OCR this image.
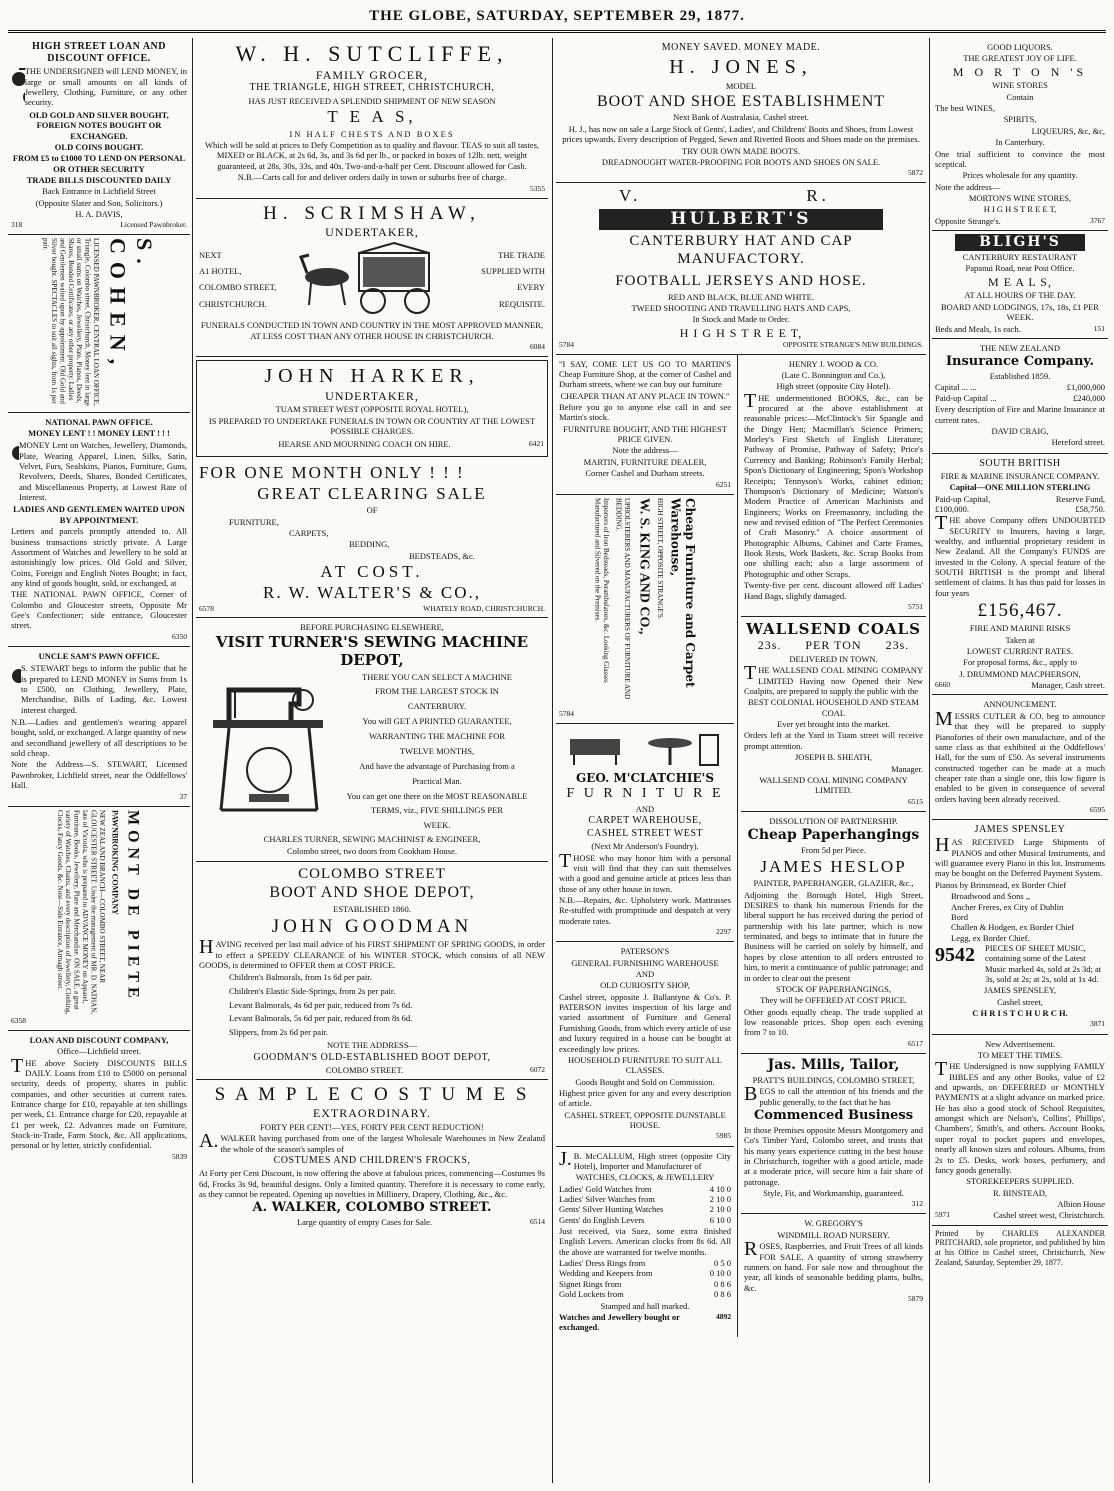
THE GLOBE, SATURDAY, SEPTEMBER 29, 1877.
HIGH STREET LOAN AND DISCOUNT OFFICE.

THE UNDERSIGNED will LEND MONEY, in large or small amounts on all kinds of Jewellery, Clothing, Furniture, or any other security.

OLD GOLD AND SILVER BOUGHT, FOREIGN NOTES BOUGHT OR EXCHANGED.

OLD COINS BOUGHT.

FROM £5 to £1000 TO LEND ON PERSONAL OR OTHER SECURITY

TRADE BILLS DISCOUNTED DAILY

Back Entrance in Lichfield Street

(Opposite Slater and Son, Solicitors.)

H. A. DAVIS,

318	Licensed Pawnbroker.
LICENSED PAWNBROKER, CENTRAL LOAN OFFICE, Triangle, Colombo street, Christchurch. Money lent in large or small sums on Watches, Jewellery, Plate, Pianos, Deeds, Shares, Bonded Certificates, or any other property. Ladies and Gentlemen waited upon by appointment. Old Gold and Silver bought. SPECTACLES to suit all sights, from 1s per pair.	S. COHEN,

NATIONAL PAWN OFFICE.

MONEY LENT ! ! MONEY LENT ! ! !

MONEY Lent on Watches, Jewellery, Diamonds, Plate, Wearing Apparel, Linen, Silks, Satin, Velvet, Furs, Sealskins, Pianos, Furniture, Guns, Revolvers, Deeds, Shares, Bonded Certificates, and Miscellaneous Property, at Lowest Rate of Interest.

LADIES AND GENTLEMEN WAITED UPON BY APPOINTMENT.

Letters and parcels promptly attended to. All business transactions strictly private. A Large Assortment of Watches and Jewellery to be sold at astonishingly low prices. Old Gold and Silver, Coins, Foreign and English Notes Bought; in fact, any kind of goods bought, sold, or exchanged, at

THE NATIONAL PAWN OFFICE, Corner of Colombo and Gloucester streets, Opposite Mr Gee's Confectioner; side entrance, Gloucester street.

6350

UNCLE SAM'S PAWN OFFICE.

S. STEWART begs to inform the public that he is prepared to LEND MONEY in Sums from 1s to £500, on Clothing, Jewellery, Plate, Merchandise, Bills of Lading, &c. Lowest interest charged.

N.B.—Ladies and gentlemen's wearing apparel bought, sold, or exchanged. A large quantity of new and secondhand jewellery of all descriptions to be sold cheap.

Note the Address—S. STEWART, Licensed Pawnbroker, Lichfield street, near the Oddfellows' Hall.

37

NEW ZEALAND BRANCH—COLOMBO STREET, NEAR GLOUCESTER STREET. Under the management of MR. D. NATHAN, late of Victoria, who is prepared to ADVANCE MONEY on Apparel, Furniture, Books, Jewellery, Plate and Merchandise. ON SALE, a great variety of Watches, Chains, and every description of Jewellery, Clothing, Clocks, Fancy Goods, &c. Note—Side Entrance, Armagh street.	PAWNBROKING COMPANY MONT DE PIETE

6358

LOAN AND DISCOUNT COMPANY,

Office—Lichfield street.

THE above Society DISCOUNTS BILLS DAILY. Loans from £10 to £5000 on personal security, deeds of property, shares in public companies, and other securities at current rates. Entrance charge for £10, repayable at ten shillings per week, £1. Entrance charge for £20, repayable at £1 per week, £2. Advances made on Furniture, Stock-in-Trade, Farm Stock, &c. All applications, personal or by letter, strictly confidential.

5839

W. H. SUTCLIFFE,
FAMILY GROCER,
THE TRIANGLE, HIGH STREET, CHRISTCHURCH,

HAS JUST RECEIVED A SPLENDID SHIPMENT OF NEW SEASON

T E A S,

IN HALF CHESTS AND BOXES

Which will be sold at prices to Defy Competition as to quality and flavour. TEAS to suit all tastes, MIXED or BLACK, at 2s 6d, 3s, and 3s 6d per lb., or packed in boxes of 12lb. nett, weight guaranteed, at 28s, 30s, 33s, and 40s. Two-and-a-half per Cent. Discount allowed for Cash.

N.B.—Carts call for and deliver orders daily in town or suburbs free of charge.

5355

H. SCRIMSHAW,
UNDERTAKER,
NEXT
A1 HOTEL,
COLOMBO STREET,
CHRISTCHURCH.
THE TRADE
SUPPLIED WITH
EVERY
REQUISITE.

FUNERALS CONDUCTED IN TOWN AND COUNTRY IN THE MOST APPROVED MANNER, AT LESS COST THAN ANY OTHER HOUSE IN CHRISTCHURCH.

6084

JOHN HARKER,
UNDERTAKER,

TUAM STREET WEST (OPPOSITE ROYAL HOTEL),

IS PREPARED TO UNDERTAKE FUNERALS IN TOWN OR COUNTRY AT THE LOWEST POSSIBLE CHARGES.

HEARSE AND MOURNING COACH ON HIRE.	6421
FOR ONE MONTH ONLY ! ! !
GREAT CLEARING SALE

OF

FURNITURE,

CARPETS,

BEDDING,

BEDSTEADS, &c.

AT COST.
R. W. WALTER'S & CO.,
6578	WHATELY ROAD, CHRISTCHURCH.

BEFORE PURCHASING ELSEWHERE,

VISIT TURNER'S SEWING MACHINE DEPOT,
THERE YOU CAN SELECT A MACHINE
FROM THE LARGEST STOCK IN
CANTERBURY.
You will GET A PRINTED GUARANTEE,
WARRANTING THE MACHINE FOR
TWELVE MONTHS,
And have the advantage of Purchasing from a
Practical Man.
You can get one there on the MOST REASONABLE
TERMS, viz., FIVE SHILLINGS PER
WEEK.

CHARLES TURNER, SEWING MACHINIST & ENGINEER,

Colombo street, two doors from Cookham House.

COLOMBO STREET
BOOT AND SHOE DEPOT,

ESTABLISHED 1860.

JOHN GOODMAN

HAVING received per last mail advice of his FIRST SHIPMENT OF SPRING GOODS, in order to effect a SPEEDY CLEARANCE of his WINTER STOCK, which consists of all NEW GOODS, is determined to OFFER them at COST PRICE.

Children's Balmorals, from 1s 6d per pair.
Children's Elastic Side-Springs, from 2s per pair.
Levant Balmorals, 4s 6d per pair, reduced from 7s 6d.
Levant Balmorals, 5s 6d per pair, reduced from 8s 6d.
Slippers, from 2s 6d per pair.

NOTE THE ADDRESS—

GOODMAN'S OLD-ESTABLISHED BOOT DEPOT,

COLOMBO STREET.	6072
S A M P L E C O S T U M E S
EXTRAORDINARY.

FORTY PER CENT!—YES, FORTY PER CENT REDUCTION!

A.WALKER having purchased from one of the largest Wholesale Warehouses in New Zealand the whole of the season's samples of

COSTUMES AND CHILDREN'S FROCKS,

At Forty per Cent Discount, is now offering the above at fabulous prices, commencing—Costumes 9s 6d, Frocks 3s 9d, beautiful designs. Only a limited quantity. Therefore it is necessary to come early, as they cannot be repeated. Opening up novelties in Millinery, Drapery, Clothing, &c., &c.

A. WALKER, COLOMBO STREET.

Large quantity of empty Cases for Sale.	6514

MONEY SAVED. MONEY MADE.

H. JONES,

MODEL

BOOT AND SHOE ESTABLISHMENT

Next Bank of Australasia, Cashel street.

H. J., has now on sale a Large Stock of Gents', Ladies', and Childrens' Boots and Shoes, from Lowest prices upwards. Every description of Pegged, Sewn and Rivetted Boots and Shoes made on the premises.

TRY OUR OWN MADE BOOTS.

DREADNOUGHT WATER-PROOFING FOR BOOTS AND SHOES ON SALE.

5872

V.                    R.
HULBERT'S
CANTERBURY HAT AND CAP
MANUFACTORY.
FOOTBALL JERSEYS AND HOSE.

RED AND BLACK, BLUE AND WHITE.

TWEED SHOOTING AND TRAVELLING HATS AND CAPS,

In Stock and Made to Order.

H I G H S T R E E T,
5784	OPPOSITE STRANGE'S NEW BUILDINGS.

"I SAY, COME LET US GO TO MARTIN'S Cheap Furniture Shop, at the corner of Cashel and Durham streets, where we can buy our furniture

CHEAPER THAN AT ANY PLACE IN TOWN."

Before you go to anyone else call in and see Martin's stock.

FURNITURE BOUGHT, AND THE HIGHEST PRICE GIVEN.

Note the address—

MARTIN, FURNITURE DEALER,

Corner Cashel and Durham streets.

6251

Importers of Iron Bedsteads, Perambulators, &c. Looking Glasses Manufactured and Silvered on the Premises.	UPHOLSTERERS AND MANUFACTURERS OF FURNITURE AND BEDDING.	W. S. KING AND CO., HIGH STREET, OPPOSITE STRANGE'S.	Cheap Furniture and Carpet Warehouse,

5784

GEO. M'CLATCHIE'S
F U R N I T U R E

AND

CARPET WAREHOUSE,

CASHEL STREET WEST

(Next Mr Anderson's Foundry).

THOSE who may honor him with a personal visit will find that they can suit themselves with a good and genuine article at prices less than those of any other house in town.

N.B.—Repairs, &c. Upholstery work. Mattrasses Re-stuffed with promptitude and despatch at very moderate rates.

2297

PATERSON'S

GENERAL FURNISHING WAREHOUSE

AND

OLD CURIOSITY SHOP,

Cashel street, opposite J. Ballantyne & Co's. P. PATERSON invites inspection of his large and varied assortment of Furniture and General Furnishing Goods, from which every article of use and luxury required in a house can be bought at exceedingly low prices.

HOUSEHOLD FURNITURE TO SUIT ALL CLASSES.

Goods Bought and Sold on Commission.

Highest price given for any and every description of article.

CASHEL STREET, OPPOSITE DUNSTABLE HOUSE.

5985

J.B. McCALLUM, High street (opposite City Hotel), Importer and Manufacturer of

WATCHES, CLOCKS, & JEWELLERY

Ladies' Gold Watches from	4 10 0
Ladies' Silver Watches from	2 10 0
Gents' Silver Hunting Watches	2 10 0
Gents' do English Levers	6 10 0

Just received, via Suez, some extra finished English Levers. American clocks from 8s 6d. All the above are warranted for twelve months.

Ladies' Dress Rings from	0 5 0
Wedding and Keepers from	0 10 0
Signet Rings from	0 8 6
Gold Lockets from	0 8 6

Stamped and hall marked.

Watches and Jewellery bought or exchanged.
4892

HENRY J. WOOD & CO.

(Late C. Bonnington and Co.),

High street (opposite City Hotel).

THE undermentioned BOOKS, &c., can be procured at the above establishment at reasonable prices:—McClintock's Sir Spangle and the Dingy Hen; Macmillan's Science Primers; Morley's First Sketch of English Literature; Pathway of Promise, Pathway of Safety; Price's Currency and Banking; Robinson's Family Herbal; Spon's Dictionary of Engineering; Spon's Workshop Receipts; Tennyson's Works, cabinet edition; Thompson's Dictionary of Medicine; Watson's Modern Practice of American Machinists and Engineers; Works on Freemasonry, including the new and revised edition of "The Perfect Ceremonies of Craft Masonry." A choice assortment of Photographic Albums, Cabinet and Carte Frames, Book Rests, Work Baskets, &c. Scrap Books from one shilling each; also a large assortment of Photographic and other Scraps.

Twenty-five per cent. discount allowed off Ladies' Hand Bags, slightly damaged.

5751

WALLSEND COALS
23s.      PER TON      23s.

DELIVERED IN TOWN.

THE WALLSEND COAL MINING COMPANY LIMITED Having now Opened their New Coalpits, are prepared to supply the public with the

BEST COLONIAL HOUSEHOLD AND STEAM COAL

Ever yet brought into the market.

Orders left at the Yard in Tuam street will receive prompt attention.

JOSEPH B. SHEATH,

Manager.

WALLSEND COAL MINING COMPANY LIMITED.

6515

DISSOLUTION OF PARTNERSHIP.

Cheap Paperhangings

From 5d per Piece.

JAMES HESLOP

PAINTER, PAPERHANGER, GLAZIER, &c.,

Adjoining the Borough Hotel, High Street, DESIRES to thank his numerous Friends for the liberal support he has received during the period of partnership with his late partner, which is now terminated, and begs to intimate that in future the Business will be carried on solely by himself, and hopes by close attention to all orders entrusted to him, to merit a continuance of public patronage; and in order to clear out the present

STOCK OF PAPERHANGINGS,

They will be OFFERED AT COST PRICE.

Other goods equally cheap. The trade supplied at low reasonable prices. Shop open each evening from 7 to 10.

6517

Jas. Mills, Tailor,

PRATT'S BUILDINGS, COLOMBO STREET,

BEGS to call the attention of his friends and the public generally, to the fact that he has

Commenced Business

In those Premises opposite Messrs Montgomery and Co's Timber Yard, Colombo street, and trusts that his many years experience cutting in the best house in Christchurch, together with a good article, made at a moderate price, will secure him a fair share of patronage.

Style, Fit, and Workmanship, guaranteed.

312

W. GREGORY'S

WINDMILL ROAD NURSERY.

ROSES, Raspberries, and Fruit Trees of all kinds FOR SALE. A quantity of strong strawberry runners on hand. For sale now and throughout the year, all kinds of seasonable bedding plants, bulbs, &c.

5879

GOOD LIQUORS.

THE GREATEST JOY OF LIFE.

M O R T O N 'S

WINE STORES

Contain

The best WINES,

SPIRITS,

LIQUEURS, &c, &c,

In Canterbury.

One trial sufficient to convince the most sceptical.

Prices wholesale for any quantity.

Note the address—

MORTON'S WINE STORES,

H I G H S T R E E T,

Opposite Strange's.	3767
BLIGH'S

CANTERBURY RESTAURANT

Papanui Road, near Post Office.

M E A L S,

AT ALL HOURS OF THE DAY.

BOARD AND LODGINGS, 17s, 18s, £1 PER WEEK.

Beds and Meals, 1s each.	151

THE NEW ZEALAND

Insurance Company.

Established 1859.

Capital ... ...	£1,000,000
Paid-up Capital ...	£240,000

Every description of Fire and Marine Insurance at current rates.

DAVID CRAIG,

Hereford street.

SOUTH BRITISH

FIRE & MARINE INSURANCE COMPANY.

Capital—ONE MILLION STERLING

Paid-up Capital,	Reserve Fund,
£100,000.	£58,750.

THE above Company offers UNDOUBTED SECURITY to Insurers, having a large, wealthy, and influential proprietary resident in New Zealand. All the Company's FUNDS are invested in the Colony. A special feature of the SOUTH BRITISH is the prompt and liberal settlement of claims. It has thus paid for losses in four years

£156,467.

FIRE AND MARINE RISKS

Taken at

LOWEST CURRENT RATES.

For proposal forms, &c., apply to

J. DRUMMOND MACPHERSON,

6660	Manager, Cash street.

ANNOUNCEMENT.

MESSRS CUTLER & CO. beg to announce that they will be prepared to supply Pianofortes of their own manufacture, and of the same class as that exhibited at the Oddfellows' Hall, for the sum of £50. As several instruments constructed together can be made at a much cheaper rate than a single one, this low figure is enabled to be given in consequence of several orders having been already received.

6595

JAMES SPENSLEY

HAS RECEIVED Large Shipments of PIANOS and other Musical Instruments, and will guarantee every Piano in this lot. Instruments may be bought on the Deferred Payment System.

Pianos by Brinsmead, ex Border Chief

Broadwood and Sons ,,
Ancher Freres, ex City of Dublin
Bord
Challen & Hodgen, ex Border Chief
Legg, ex Border Chief.
9542	PIECES OF SHEET MUSIC, containing some of the Latest Music marked 4s, sold at 2s 3d; at 3s, sold at 2s; at 2s, sold at 1s 4d.

JAMES SPENSLEY,

Cashel street,

C H R I S T C H U R C H.

3871

New Advertisement.

TO MEET THE TIMES.

THE Undersigned is now supplying FAMILY BIBLES and any other Books, value of £2 and upwards, on DEFERRED or MONTHLY PAYMENTS at a slight advance on marked price. He has also a good stock of School Requisites, amongst which are Nelson's, Collins', Phillips', Chambers', Smith's, and others. Account Books, super royal to pocket papers and envelopes, nearly all known sizes and colours. Albums, from 2s to £5. Desks, work boxes, perfumery, and fancy goods generally.

STOREKEEPERS SUPPLIED.

R. BINSTEAD,

Albion House

5971	Cashel street west, Christchurch.

Printed by CHARLES ALEXANDER PRITCHARD, sole proprietor, and published by him at his Office in Cashel street, Christchurch, New Zealand, Saturday, September 29, 1877.
